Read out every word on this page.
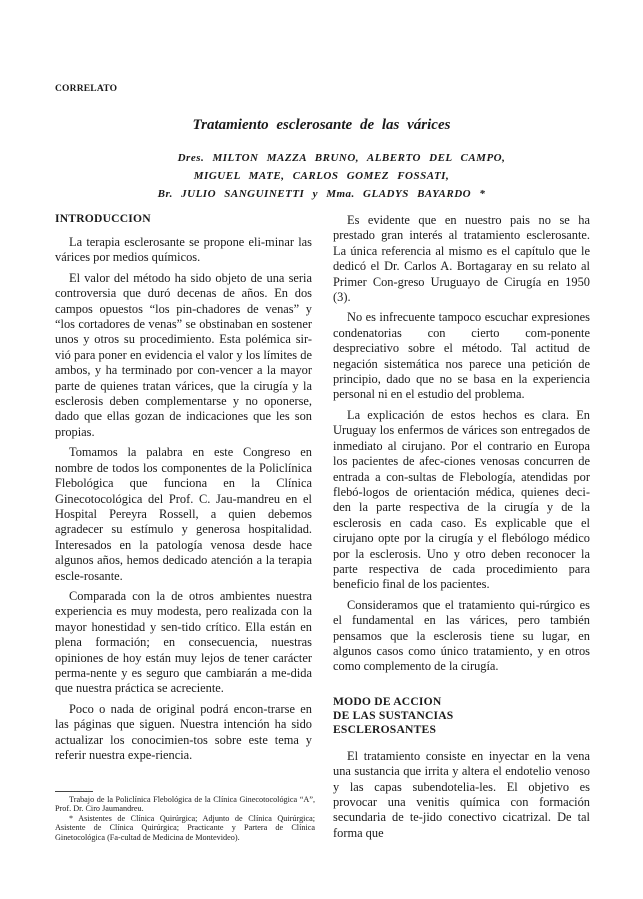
CORRELATO
Tratamiento esclerosante de las várices
Dres. MILTON MAZZA BRUNO, ALBERTO DEL CAMPO,
MIGUEL MATE, CARLOS GOMEZ FOSSATI,
Br. JULIO SANGUINETTI y Mma. GLADYS BAYARDO *
INTRODUCCION

La terapia esclerosante se propone eli-minar las várices por medios químicos.

El valor del método ha sido objeto de una seria controversia que duró decenas de años. En dos campos opuestos “los pin-chadores de venas” y “los cortadores de venas” se obstinaban en sostener unos y otros su procedimiento. Esta polémica sir-vió para poner en evidencia el valor y los límites de ambos, y ha terminado por con-vencer a la mayor parte de quienes tratan várices, que la cirugía y la esclerosis deben complementarse y no oponerse, dado que ellas gozan de indicaciones que les son propias.

Tomamos la palabra en este Congreso en nombre de todos los componentes de la Policlínica Flebológica que funciona en la Clínica Ginecotocológica del Prof. C. Jau-mandreu en el Hospital Pereyra Rossell, a quien debemos agradecer su estímulo y generosa hospitalidad. Interesados en la patología venosa desde hace algunos años, hemos dedicado atención a la terapia escle-rosante.

Comparada con la de otros ambientes nuestra experiencia es muy modesta, pero realizada con la mayor honestidad y sen-tido crítico. Ella están en plena formación; en consecuencia, nuestras opiniones de hoy están muy lejos de tener carácter perma-nente y es seguro que cambiarán a me-dida que nuestra práctica se acreciente.

Poco o nada de original podrá encon-trarse en las páginas que siguen. Nuestra intención ha sido actualizar los conocimien-tos sobre este tema y referir nuestra expe-riencia.

Trabajo de la Policlínica Flebológica de la Clínica Ginecotocológica “A”, Prof. Dr. Ciro Jaumandreu.

* Asistentes de Clínica Quirúrgica; Adjunto de Clínica Quirúrgica; Asistente de Clínica Quirúrgica; Practicante y Partera de Clínica Ginetocológica (Fa-cultad de Medicina de Montevideo).

Es evidente que en nuestro pais no se ha prestado gran interés al tratamiento esclerosante. La única referencia al mismo es el capítulo que le dedicó el Dr. Carlos A. Bortagaray en su relato al Primer Con-greso Uruguayo de Cirugía en 1950 (3).

No es infrecuente tampoco escuchar expresiones condenatorias con cierto com-ponente despreciativo sobre el método. Tal actitud de negación sistemática nos parece una petición de principio, dado que no se basa en la experiencia personal ni en el estudio del problema.

La explicación de estos hechos es clara. En Uruguay los enfermos de várices son entregados de inmediato al cirujano. Por el contrario en Europa los pacientes de afec-ciones venosas concurren de entrada a con-sultas de Flebología, atendidas por flebó-logos de orientación médica, quienes deci-den la parte respectiva de la cirugía y de la esclerosis en cada caso. Es explicable que el cirujano opte por la cirugía y el flebólogo médico por la esclerosis. Uno y otro deben reconocer la parte respectiva de cada procedimiento para beneficio final de los pacientes.

Consideramos que el tratamiento qui-rúrgico es el fundamental en las várices, pero también pensamos que la esclerosis tiene su lugar, en algunos casos como único tratamiento, y en otros como complemento de la cirugía.

MODO DE ACCION
DE LAS SUSTANCIAS
ESCLEROSANTES

El tratamiento consiste en inyectar en la vena una sustancia que irrita y altera el endotelio venoso y las capas subendotelia-les. El objetivo es provocar una venitis química con formación secundaria de te-jido conectivo cicatrizal. De tal forma que
